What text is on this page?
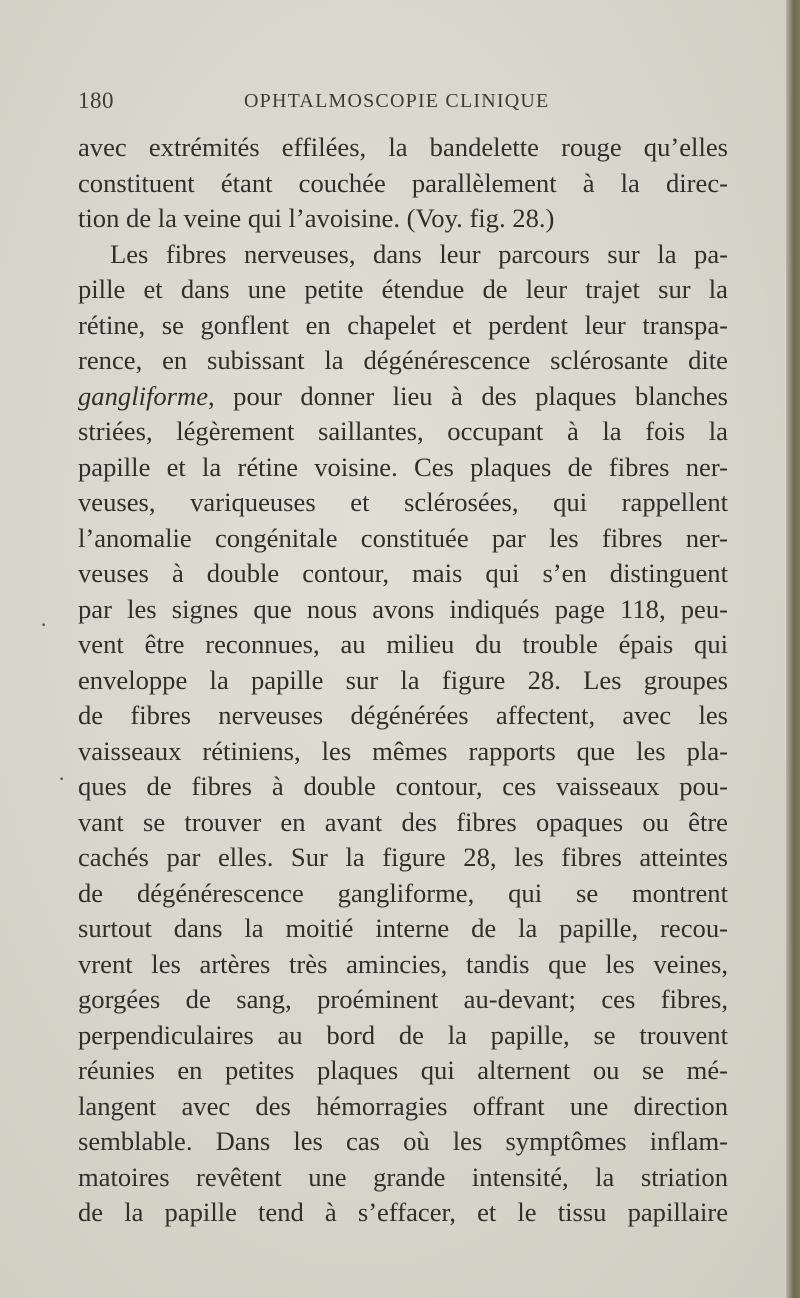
180	OPHTALMOSCOPIE CLINIQUE
avec extrémités effilées, la bandelette rouge qu’elles
constituent étant couchée parallèlement à la direc-
tion de la veine qui l’avoisine. (Voy. fig. 28.)
Les fibres nerveuses, dans leur parcours sur la pa-
pille et dans une petite étendue de leur trajet sur la
rétine, se gonflent en chapelet et perdent leur transpa-
rence, en subissant la dégénérescence sclérosante dite
gangliforme, pour donner lieu à des plaques blanches
striées, légèrement saillantes, occupant à la fois la
papille et la rétine voisine. Ces plaques de fibres ner-
veuses, variqueuses et sclérosées, qui rappellent
l’anomalie congénitale constituée par les fibres ner-
veuses à double contour, mais qui s’en distinguent
par les signes que nous avons indiqués page 118, peu-
vent être reconnues, au milieu du trouble épais qui
enveloppe la papille sur la figure 28. Les groupes
de fibres nerveuses dégénérées affectent, avec les
vaisseaux rétiniens, les mêmes rapports que les pla-
ques de fibres à double contour, ces vaisseaux pou-
vant se trouver en avant des fibres opaques ou être
cachés par elles. Sur la figure 28, les fibres atteintes
de dégénérescence gangliforme, qui se montrent
surtout dans la moitié interne de la papille, recou-
vrent les artères très amincies, tandis que les veines,
gorgées de sang, proéminent au-devant; ces fibres,
perpendiculaires au bord de la papille, se trouvent
réunies en petites plaques qui alternent ou se mé-
langent avec des hémorragies offrant une direction
semblable. Dans les cas où les symptômes inflam-
matoires revêtent une grande intensité, la striation
de la papille tend à s’effacer, et le tissu papillaire
·
·
